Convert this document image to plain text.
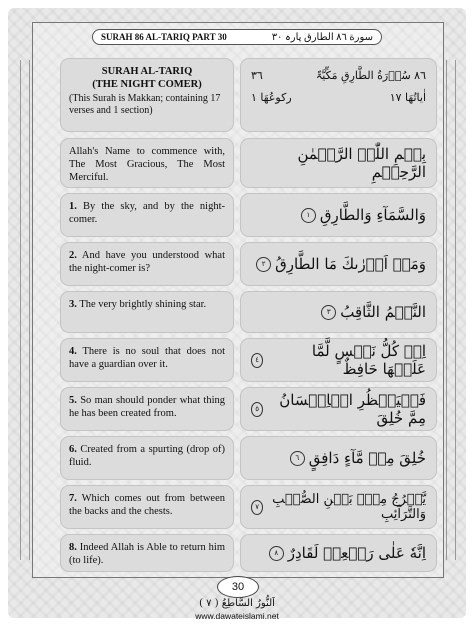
SURAH 86 AL-TARIQ PART 30	سورة ٨٦ الطارق پارہ ٣٠
SURAH AL-TARIQ
(THE NIGHT COMER)
(This Surah is Makkan; containing 17 verses and 1 section)
٨٦ سُوۡرَةُ الطَّارِقِ مَکِّيَّۃٌ
٣٦
اٰیاتُھَا ١٧
رکوعُھَا ١
Allah's Name to commence with, The Most Gracious, The Most Merciful.
بِسۡمِ اللّٰہِ الرَّحۡمٰنِ الرَّحِیۡمِ
1. By the sky, and by the night-comer.	وَالسَّمَآءِ وَالطَّارِقِ
١
2. And have you understood what the night-comer is?	وَمَاۤ اَدۡرٰىكَ مَا الطَّارِقُ
٢
3. The very brightly shining star.	النَّجۡمُ الثَّاقِبُ
٣
4. There is no soul that does not have a guardian over it.
اِنۡ كُلُّ نَفۡسٍ لَّمَّا عَلَيۡهَا حَافِظٌ
٤
5. So man should ponder what thing he has been created from.
فَلۡيَنۡظُرِ الۡاِنۡسَانُ مِمَّ خُلِقَ
٥
6. Created from a spurting (drop of) fluid.	خُلِقَ مِنۡ مَّآءٍ دَافِقٍ
٦
7. Which comes out from between the backs and the chests.
يَّخۡرُجُ مِنۡۢ بَيۡنِ الصُّلۡبِ وَالتَّرَآئِبِ
٧
8. Indeed Allah is Able to return him (to life).	اِنَّهٗ عَلٰى رَجۡعِهٖ لَقَادِرٌ
٨
30
اَلنُّورُ السَّاطِعُ ( ٧ )
www.dawateislami.net
